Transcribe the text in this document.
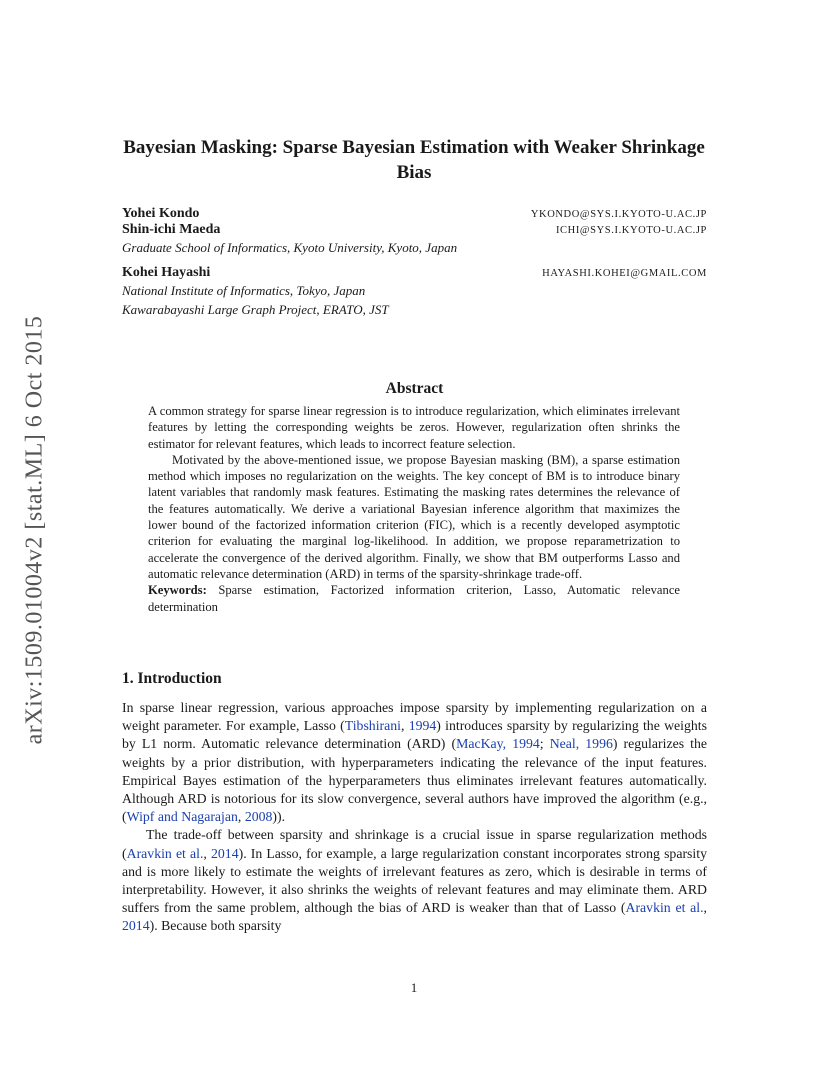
arXiv:1509.01004v2 [stat.ML] 6 Oct 2015
Bayesian Masking: Sparse Bayesian Estimation with Weaker Shrinkage Bias
Yohei Kondo	YKONDO@SYS.I.KYOTO-U.AC.JP
Shin-ichi Maeda	ICHI@SYS.I.KYOTO-U.AC.JP
Graduate School of Informatics, Kyoto University, Kyoto, Japan
Kohei Hayashi	HAYASHI.KOHEI@GMAIL.COM
National Institute of Informatics, Tokyo, Japan
Kawarabayashi Large Graph Project, ERATO, JST
Abstract

A common strategy for sparse linear regression is to introduce regularization, which eliminates irrelevant features by letting the corresponding weights be zeros. However, regularization often shrinks the estimator for relevant features, which leads to incorrect feature selection.

Motivated by the above-mentioned issue, we propose Bayesian masking (BM), a sparse estimation method which imposes no regularization on the weights. The key concept of BM is to introduce binary latent variables that randomly mask features. Estimating the masking rates determines the relevance of the features automatically. We derive a variational Bayesian inference algorithm that maximizes the lower bound of the factorized information criterion (FIC), which is a recently developed asymptotic criterion for evaluating the marginal log-likelihood. In addition, we propose reparametrization to accelerate the convergence of the derived algorithm. Finally, we show that BM outperforms Lasso and automatic relevance determination (ARD) in terms of the sparsity-shrinkage trade-off.

Keywords: Sparse estimation, Factorized information criterion, Lasso, Automatic relevance determination

1. Introduction

In sparse linear regression, various approaches impose sparsity by implementing regularization on a weight parameter. For example, Lasso (Tibshirani, 1994) introduces sparsity by regularizing the weights by L1 norm. Automatic relevance determination (ARD) (MacKay, 1994; Neal, 1996) regularizes the weights by a prior distribution, with hyperparameters indicating the relevance of the input features. Empirical Bayes estimation of the hyperparameters thus eliminates irrelevant features automatically. Although ARD is notorious for its slow convergence, several authors have improved the algorithm (e.g., (Wipf and Nagarajan, 2008)).

The trade-off between sparsity and shrinkage is a crucial issue in sparse regularization methods (Aravkin et al., 2014). In Lasso, for example, a large regularization constant incorporates strong sparsity and is more likely to estimate the weights of irrelevant features as zero, which is desirable in terms of interpretability. However, it also shrinks the weights of relevant features and may eliminate them. ARD suffers from the same problem, although the bias of ARD is weaker than that of Lasso (Aravkin et al., 2014). Because both sparsity

1
